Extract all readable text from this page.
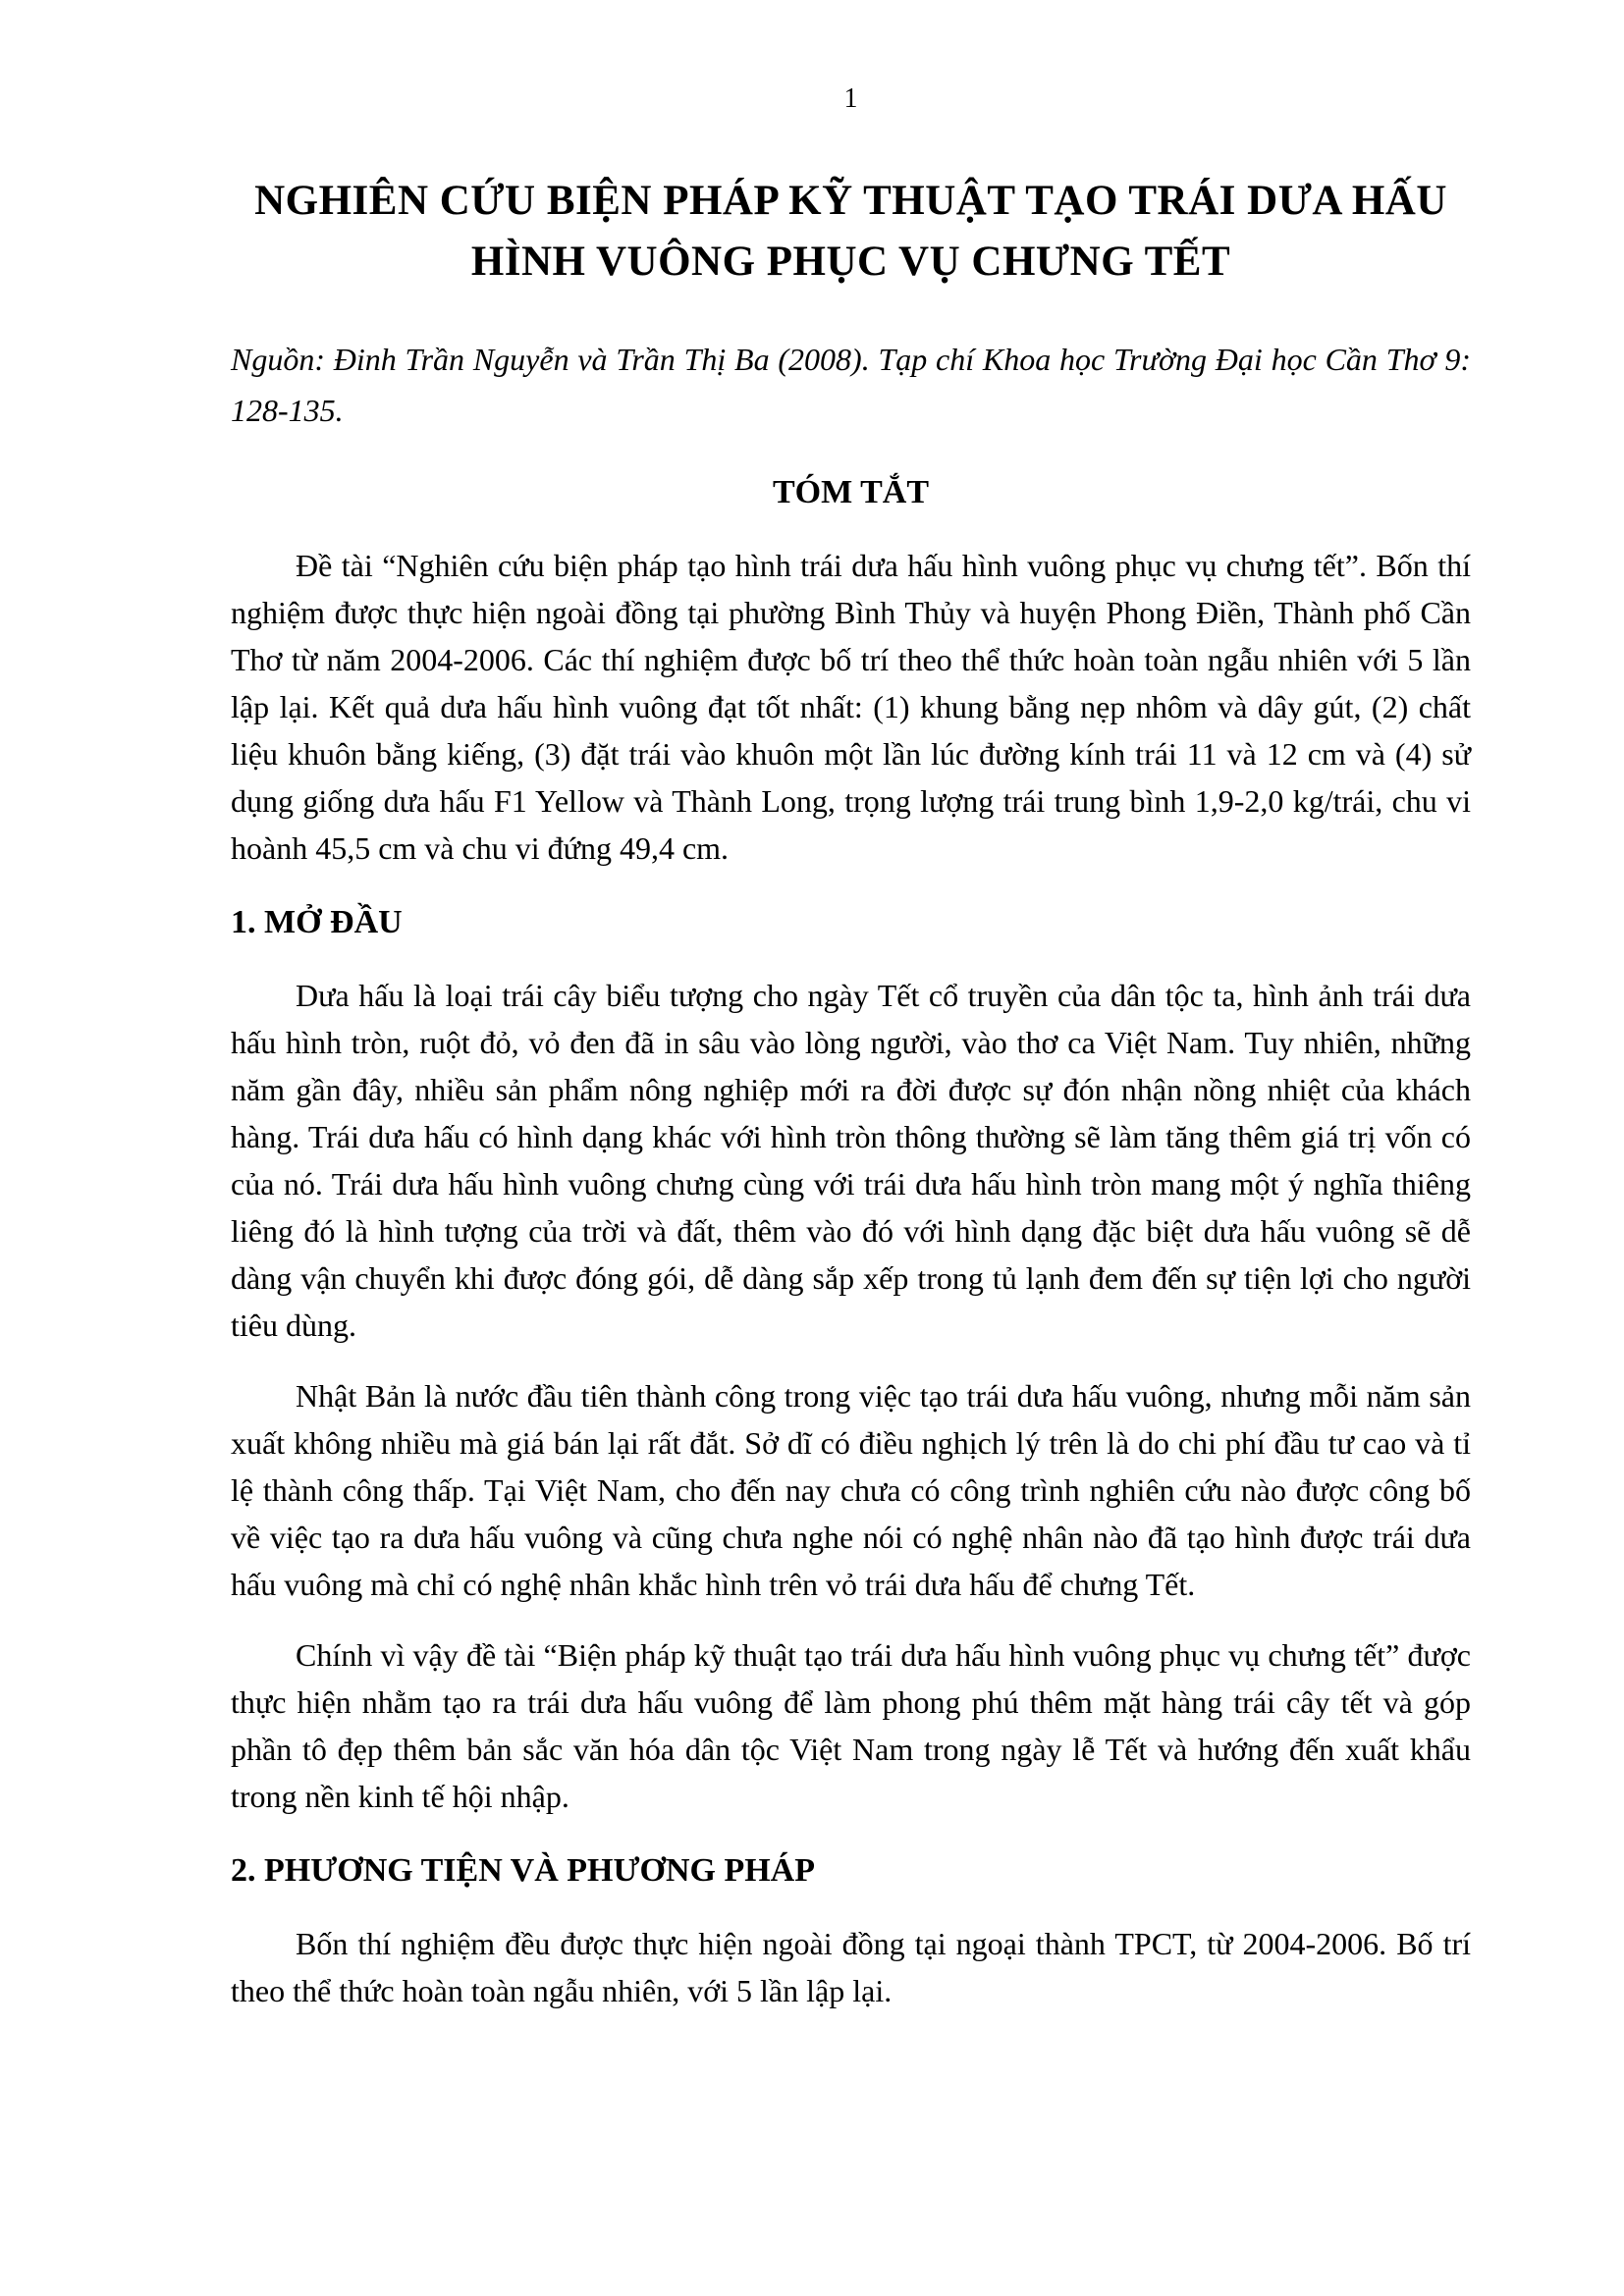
1
NGHIÊN CỨU BIỆN PHÁP KỸ THUẬT TẠO TRÁI DƯA HẤU HÌNH VUÔNG PHỤC VỤ CHƯNG TẾT

Nguồn: Đinh Trần Nguyễn và Trần Thị Ba (2008). Tạp chí Khoa học Trường Đại học Cần Thơ 9: 128-135.

TÓM TẮT

Đề tài “Nghiên cứu biện pháp tạo hình trái dưa hấu hình vuông phục vụ chưng tết”. Bốn thí nghiệm được thực hiện ngoài đồng tại phường Bình Thủy và huyện Phong Điền, Thành phố Cần Thơ từ năm 2004-2006. Các thí nghiệm được bố trí theo thể thức hoàn toàn ngẫu nhiên với 5 lần lập lại. Kết quả dưa hấu hình vuông đạt tốt nhất: (1) khung bằng nẹp nhôm và dây gút, (2) chất liệu khuôn bằng kiếng, (3) đặt trái vào khuôn một lần lúc đường kính trái 11 và 12 cm và (4) sử dụng giống dưa hấu F1 Yellow và Thành Long, trọng lượng trái trung bình 1,9-2,0 kg/trái, chu vi hoành 45,5 cm và chu vi đứng 49,4 cm.

1. MỞ ĐẦU

Dưa hấu là loại trái cây biểu tượng cho ngày Tết cổ truyền của dân tộc ta, hình ảnh trái dưa hấu hình tròn, ruột đỏ, vỏ đen đã in sâu vào lòng người, vào thơ ca Việt Nam. Tuy nhiên, những năm gần đây, nhiều sản phẩm nông nghiệp mới ra đời được sự đón nhận nồng nhiệt của khách hàng. Trái dưa hấu có hình dạng khác với hình tròn thông thường sẽ làm tăng thêm giá trị vốn có của nó. Trái dưa hấu hình vuông chưng cùng với trái dưa hấu hình tròn mang một ý nghĩa thiêng liêng đó là hình tượng của trời và đất, thêm vào đó với hình dạng đặc biệt dưa hấu vuông sẽ dễ dàng vận chuyển khi được đóng gói, dễ dàng sắp xếp trong tủ lạnh đem đến sự tiện lợi cho người tiêu dùng.

Nhật Bản là nước đầu tiên thành công trong việc tạo trái dưa hấu vuông, nhưng mỗi năm sản xuất không nhiều mà giá bán lại rất đắt. Sở dĩ có điều nghịch lý trên là do chi phí đầu tư cao và tỉ lệ thành công thấp. Tại Việt Nam, cho đến nay chưa có công trình nghiên cứu nào được công bố về việc tạo ra dưa hấu vuông và cũng chưa nghe nói có nghệ nhân nào đã tạo hình được trái dưa hấu vuông mà chỉ có nghệ nhân khắc hình trên vỏ trái dưa hấu để chưng Tết.

Chính vì vậy đề tài “Biện pháp kỹ thuật tạo trái dưa hấu hình vuông phục vụ chưng tết” được thực hiện nhằm tạo ra trái dưa hấu vuông để làm phong phú thêm mặt hàng trái cây tết và góp phần tô đẹp thêm bản sắc văn hóa dân tộc Việt Nam trong ngày lễ Tết và hướng đến xuất khẩu trong nền kinh tế hội nhập.

2. PHƯƠNG TIỆN VÀ PHƯƠNG PHÁP

Bốn thí nghiệm đều được thực hiện ngoài đồng tại ngoại thành TPCT, từ 2004-2006. Bố trí theo thể thức hoàn toàn ngẫu nhiên, với 5 lần lập lại.
